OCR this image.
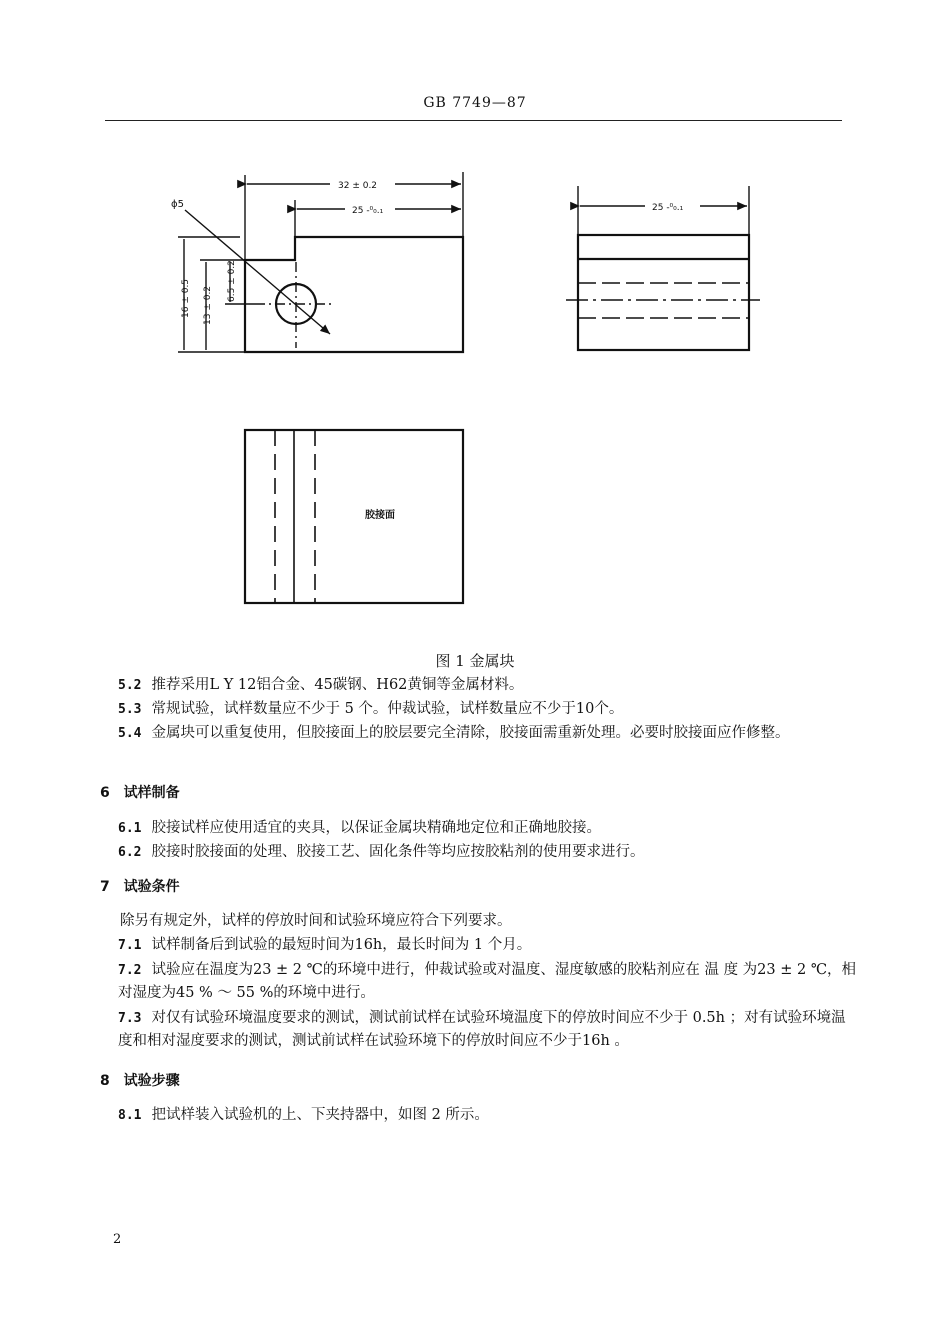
GB 7749—87
32 ± 0.2
25 -⁰₀.₁
ϕ5
16 ± 0.5 13 ± 0.2
6.5 ± 0.2
25 -⁰₀.₁
胶接面
图 1 金属块
5.2 推荐采用L Y 12铝合金、45碳钢、H62黄铜等金属材料。
5.3 常规试验，试样数量应不少于 5 个。仲裁试验，试样数量应不少于10个。
5.4 金属块可以重复使用，但胶接面上的胶层要完全清除，胶接面需重新处理。必要时胶接面应作修整。
6 试样制备
6.1 胶接试样应使用适宜的夹具，以保证金属块精确地定位和正确地胶接。
6.2 胶接时胶接面的处理、胶接工艺、固化条件等均应按胶粘剂的使用要求进行。
7 试验条件
除另有规定外，试样的停放时间和试验环境应符合下列要求。
7.1 试样制备后到试验的最短时间为16h，最长时间为 1 个月。
7.2 试验应在温度为23 ± 2 ℃的环境中进行，仲裁试验或对温度、湿度敏感的胶粘剂应在 温 度 为23 ± 2 ℃，相对湿度为45 % ～ 55 %的环境中进行。
7.3 对仅有试验环境温度要求的测试，测试前试样在试验环境温度下的停放时间应不少于 0.5h ；对有试验环境温度和相对湿度要求的测试，测试前试样在试验环境下的停放时间应不少于16h 。
8 试验步骤
8.1 把试样装入试验机的上、下夹持器中，如图 2 所示。
2
